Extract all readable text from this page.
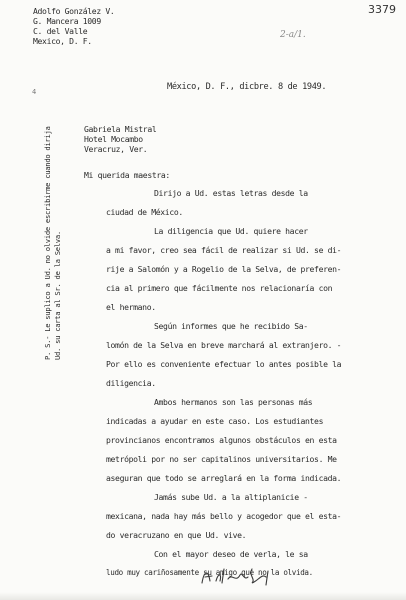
3379
2-a/1.
Adolfo González V.
G. Mancera 1009
C. del Valle
Mexico, D. F.
4	México, D. F., dicbre. 8 de 1949.
Gabriela Mistral
Hotel Mocambo
Veracruz, Ver.
Mi querida maestra:
Dirijo a Ud. estas letras desde la
ciudad de México.
La diligencia que Ud. quiere hacer
a mi favor, creo sea fácil de realizar si Ud. se di-
rije a Salomón y a Rogelio de la Selva, de preferen-
cia al primero que fácilmente nos relacionaría con
el hermano.
Según informes que he recibido Sa-
lomón de la Selva en breve marchará al extranjero. -
Por ello es conveniente efectuar lo antes posible la
diligencia.
Ambos hermanos son las personas más
indicadas a ayudar en este caso. Los estudiantes
provincianos encontramos algunos obstáculos en esta
metrópoli por no ser capitalinos universitarios. Me
aseguran que todo se arreglará en la forma indicada.
Jamás sube Ud. a la altiplanicie -
mexicana, nada hay más bello y acogedor que el esta-
do veracruzano en que Ud. vive.
Con el mayor deseo de verla, le sa
ludo muy cariñosamente su amigo que no la olvida.
P. S.- Le suplico a Ud. no olvide escribirme cuando dirija Ud. su carta al Sr. de la Selva.
